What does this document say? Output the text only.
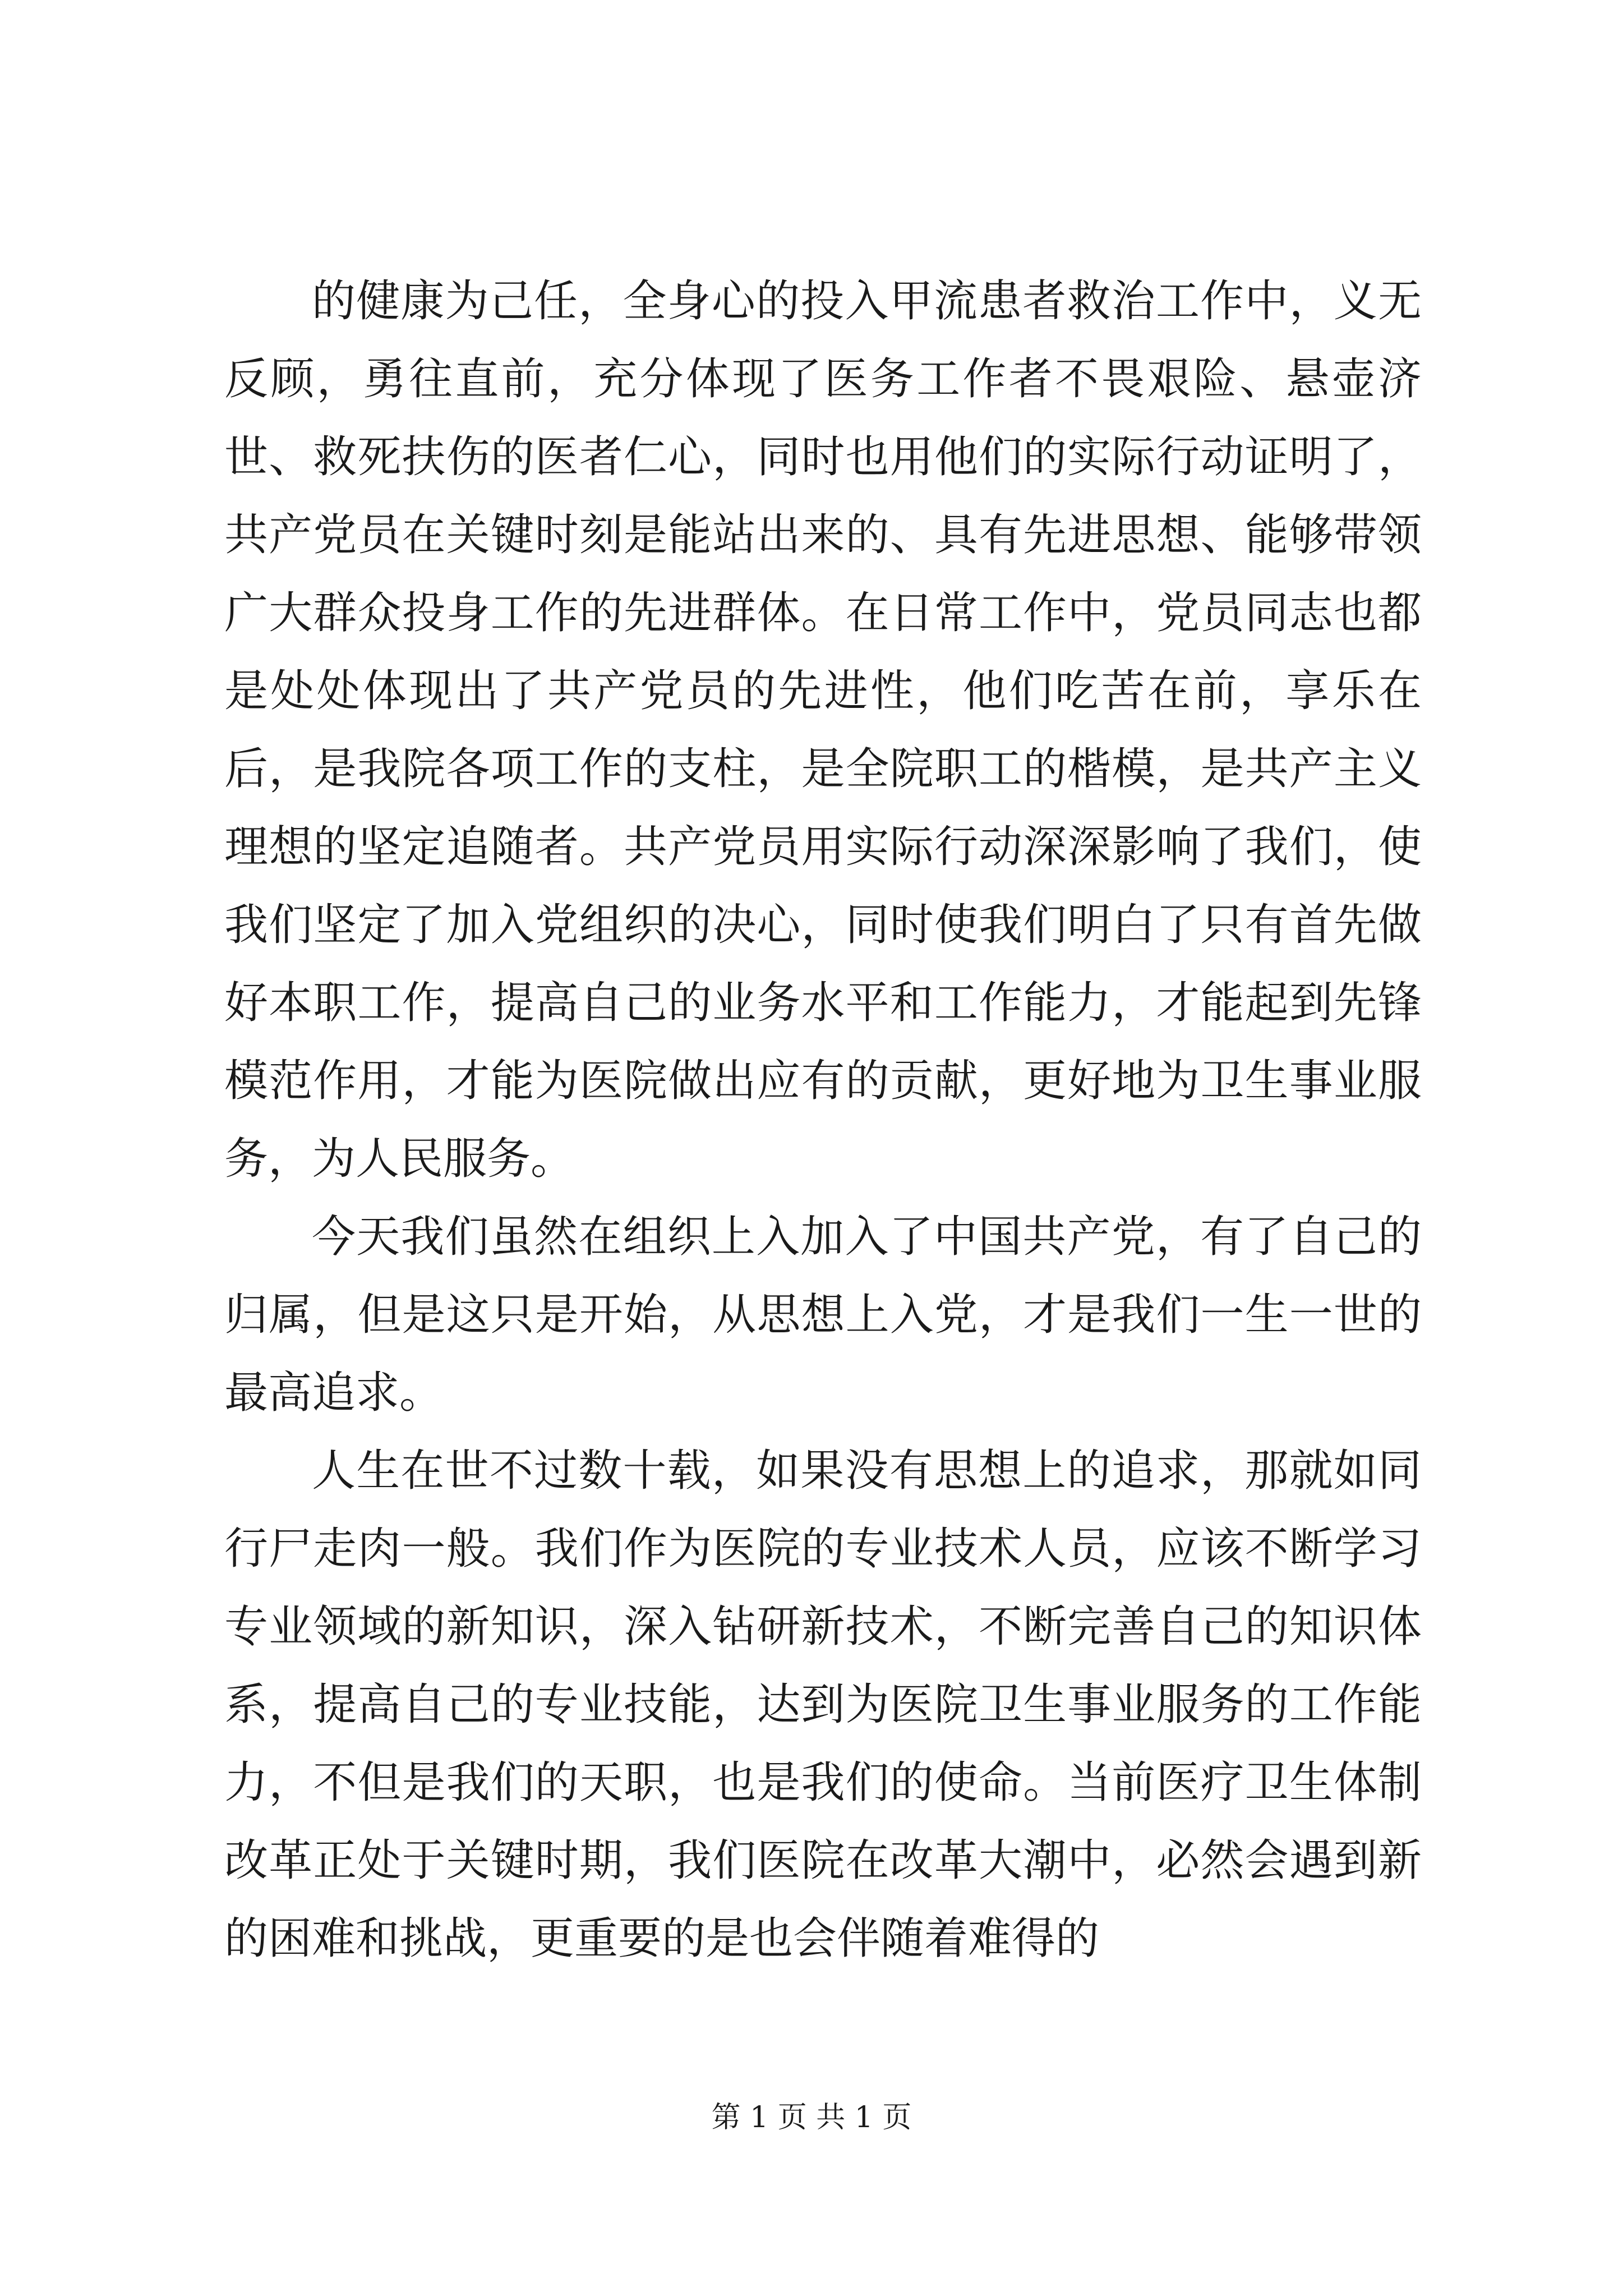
的健康为己任，全身心的投入甲流患者救治工作中，义无反顾，勇往直前，充分体现了医务工作者不畏艰险、悬壶济世、救死扶伤的医者仁心，同时也用他们的实际行动证明了，共产党员在关键时刻是能站出来的、具有先进思想、能够带领广大群众投身工作的先进群体。在日常工作中，党员同志也都是处处体现出了共产党员的先进性，他们吃苦在前，享乐在后，是我院各项工作的支柱，是全院职工的楷模，是共产主义理想的坚定追随者。共产党员用实际行动深深影响了我们，使我们坚定了加入党组织的决心，同时使我们明白了只有首先做好本职工作，提高自己的业务水平和工作能力，才能起到先锋模范作用，才能为医院做出应有的贡献，更好地为卫生事业服务，为人民服务。

今天我们虽然在组织上入加入了中国共产党，有了自己的归属，但是这只是开始，从思想上入党，才是我们一生一世的最高追求。

人生在世不过数十载，如果没有思想上的追求，那就如同行尸走肉一般。我们作为医院的专业技术人员，应该不断学习专业领域的新知识，深入钻研新技术，不断完善自己的知识体系，提高自己的专业技能，达到为医院卫生事业服务的工作能力，不但是我们的天职，也是我们的使命。当前医疗卫生体制改革正处于关键时期，我们医院在改革大潮中，必然会遇到新的困难和挑战，更重要的是也会伴随着难得的

第 1 页 共 1 页
